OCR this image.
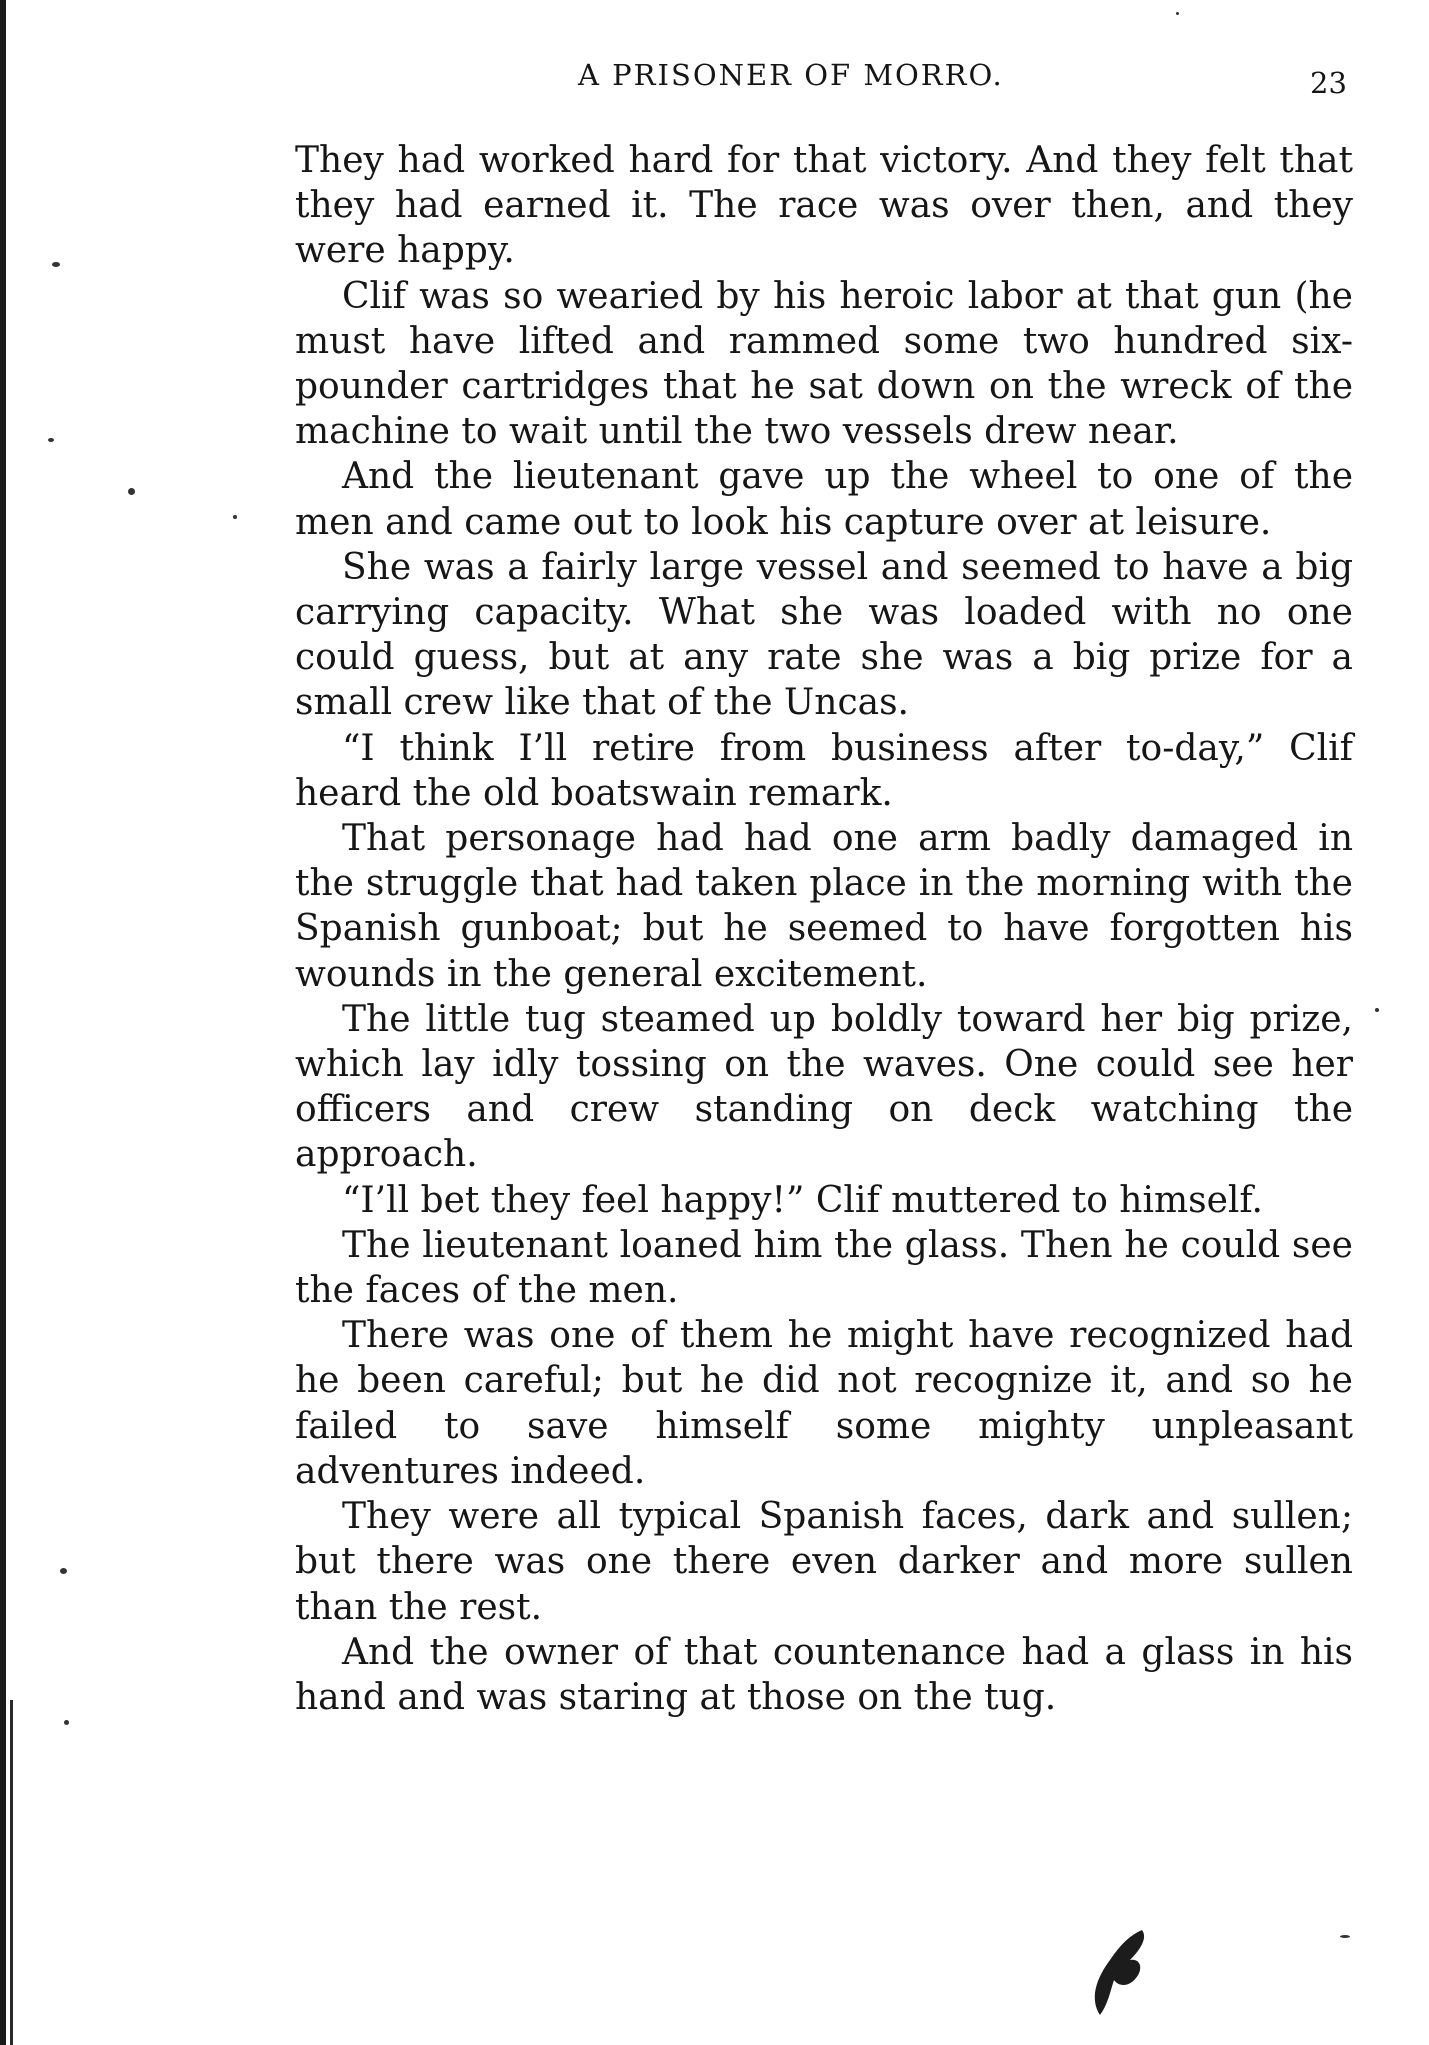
A PRISONER OF MORRO.	23

They had worked hard for that victory. And they felt that they had earned it. The race was over then, and they were happy.

Clif was so wearied by his heroic labor at that gun (he must have lifted and rammed some two hundred six-pounder cartridges that he sat down on the wreck of the machine to wait until the two vessels drew near.

And the lieutenant gave up the wheel to one of the men and came out to look his capture over at leisure.

She was a fairly large vessel and seemed to have a big carrying capacity. What she was loaded with no one could guess, but at any rate she was a big prize for a small crew like that of the Uncas.

“I think I’ll retire from business after to-day,” Clif heard the old boatswain remark.

That personage had had one arm badly damaged in the struggle that had taken place in the morning with the Spanish gunboat; but he seemed to have forgotten his wounds in the general excitement.

The little tug steamed up boldly toward her big prize, which lay idly tossing on the waves. One could see her officers and crew standing on deck watching the approach.

“I’ll bet they feel happy!” Clif muttered to himself.

The lieutenant loaned him the glass. Then he could see the faces of the men.

There was one of them he might have recognized had he been careful; but he did not recognize it, and so he failed to save himself some mighty unpleasant adventures indeed.

They were all typical Spanish faces, dark and sullen; but there was one there even darker and more sullen than the rest.

And the owner of that countenance had a glass in his hand and was staring at those on the tug.
